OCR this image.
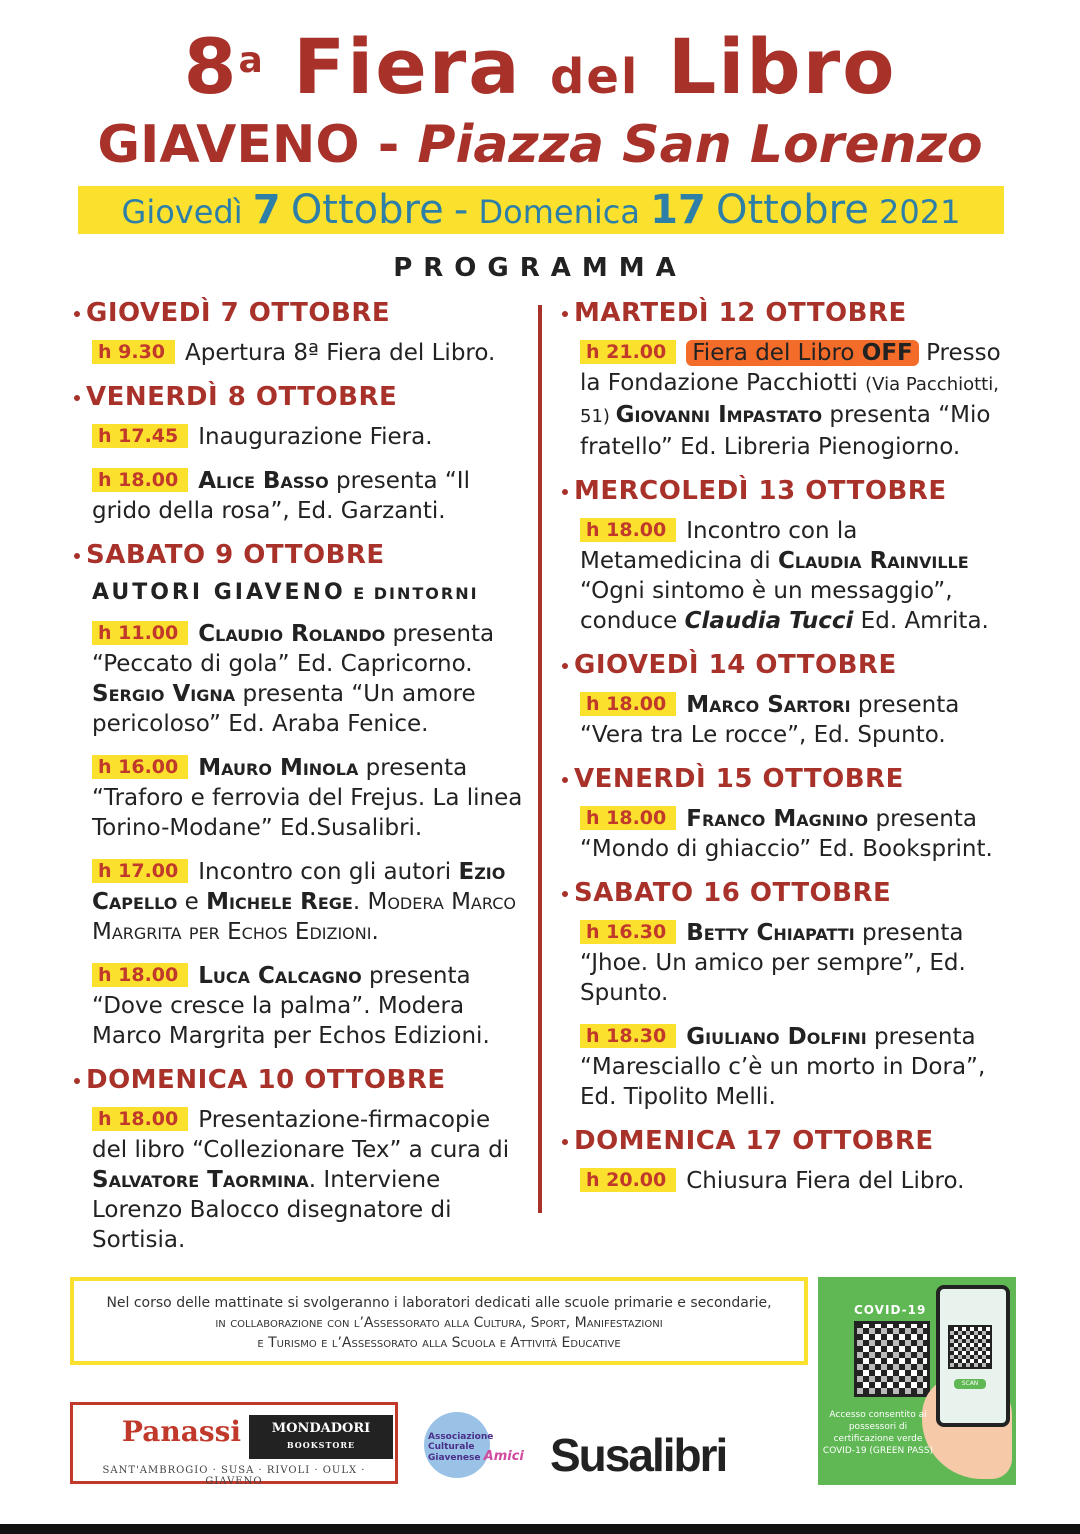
8$^a$ Fiera del Libro
GIAVENO - Piazza San Lorenzo
Giovedì 7 Ottobre - Domenica 17 Ottobre 2021
PROGRAMMA
GIOVEDÌ 7 OTTOBRE
h 9.30 Apertura 8ª Fiera del Libro.
VENERDÌ 8 OTTOBRE
h 17.45 Inaugurazione Fiera.
h 18.00 Alice Basso presenta “Il grido della rosa”, Ed. Garzanti.
SABATO 9 OTTOBRE
AUTORI GIAVENO E DINTORNI
h 11.00 Claudio Rolando presenta “Peccato di gola” Ed. Capricorno. Sergio Vigna presenta “Un amore pericoloso” Ed. Araba Fenice.
h 16.00 Mauro Minola presenta “Traforo e ferrovia del Frejus. La linea Torino-Modane” Ed.Susalibri.
h 17.00 Incontro con gli autori Ezio Capello e Michele Rege. Modera Marco Margrita per Echos Edizioni.
h 18.00 Luca Calcagno presenta “Dove cresce la palma”. Modera Marco Margrita per Echos Edizioni.
DOMENICA 10 OTTOBRE
h 18.00 Presentazione-firmacopie del libro “Collezionare Tex” a cura di Salvatore Taormina. Interviene Lorenzo Balocco disegnatore di Sortisia.
MARTEDÌ 12 OTTOBRE
h 21.00 Fiera del Libro OFF Presso la Fondazione Pacchiotti (Via Pacchiotti, 51) Giovanni Impastato presenta “Mio fratello” Ed. Libreria Pienogiorno.
MERCOLEDÌ 13 OTTOBRE
h 18.00 Incontro con la Metamedicina di Claudia Rainville “Ogni sintomo è un messaggio”, conduce Claudia Tucci Ed. Amrita.
GIOVEDÌ 14 OTTOBRE
h 18.00 Marco Sartori presenta “Vera tra Le rocce”, Ed. Spunto.
VENERDÌ 15 OTTOBRE
h 18.00 Franco Magnino presenta “Mondo di ghiaccio” Ed. Booksprint.
SABATO 16 OTTOBRE
h 16.30 Betty Chiapatti presenta “Jhoe. Un amico per sempre”, Ed. Spunto.
h 18.30 Giuliano Dolfini presenta “Maresciallo c’è un morto in Dora”, Ed. Tipolito Melli.
DOMENICA 17 OTTOBRE
h 20.00 Chiusura Fiera del Libro.
Nel corso delle mattinate si svolgeranno i laboratori dedicati alle scuole primarie e secondarie,
in collaborazione con l’Assessorato alla Cultura, Sport, Manifestazioni
e Turismo e l’Assessorato alla Scuola e Attività Educative
COVID-19
SCAN
Accesso consentito ai possessori di certificazione verde COVID-19 (GREEN PASS)
Panassi	MONDADORI
BOOKSTORE
SANT'AMBROGIO · SUSA · RIVOLI · OULX · GIAVENO
Associazione Culturale Giavenese Amici Susalibri
